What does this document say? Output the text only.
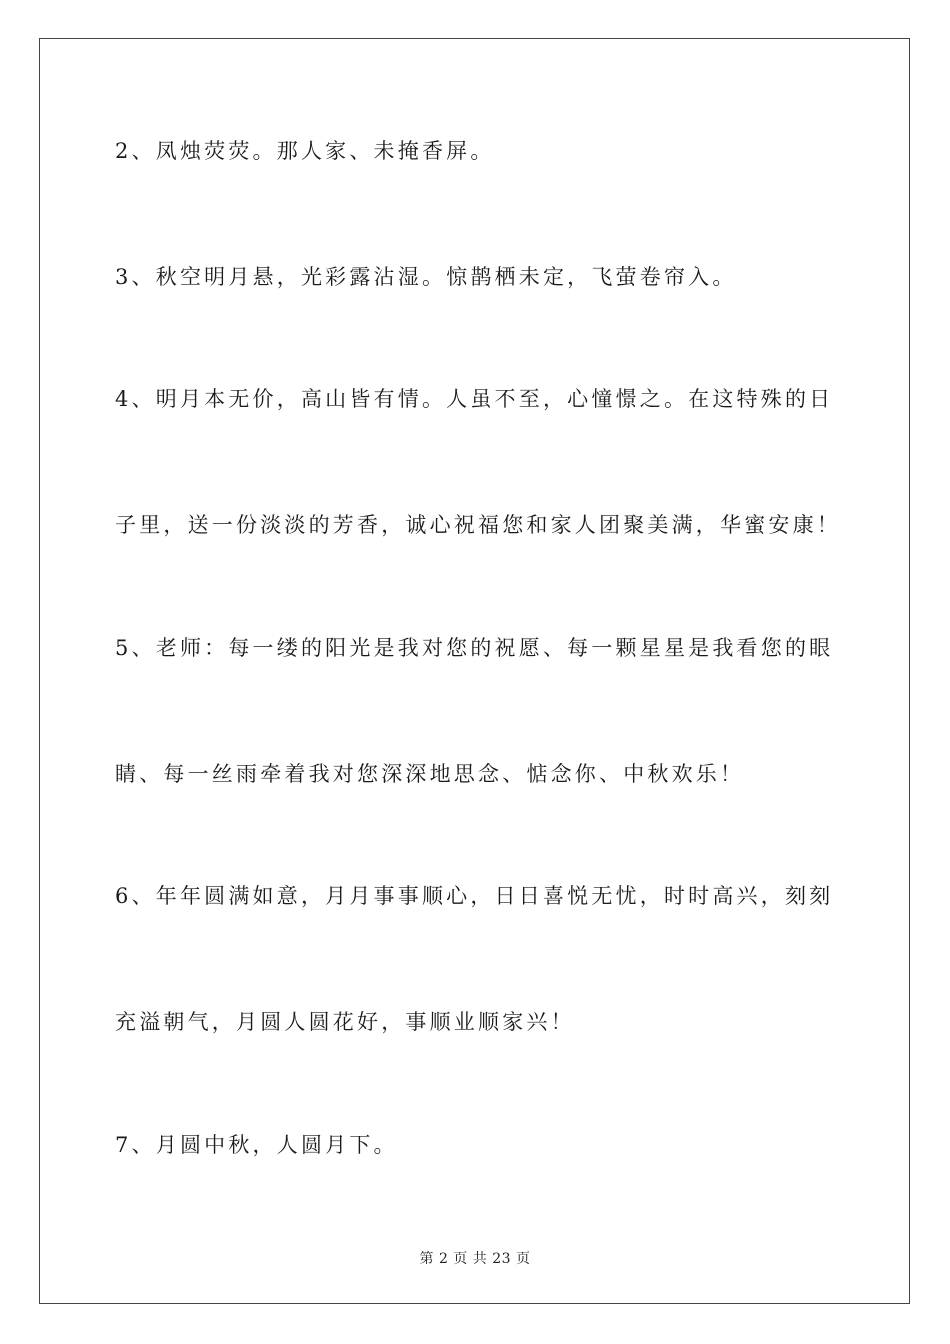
2、凤烛荧荧。那人家、未掩香屏。
3、秋空明月悬，光彩露沾湿。惊鹊栖未定，飞萤卷帘入。
4、明月本无价，高山皆有情。人虽不至，心憧憬之。在这特殊的日
子里，送一份淡淡的芳香，诚心祝福您和家人团聚美满，华蜜安康！
5、老师：每一缕的阳光是我对您的祝愿、每一颗星星是我看您的眼
睛、每一丝雨牵着我对您深深地思念、惦念你、中秋欢乐！
6、年年圆满如意，月月事事顺心，日日喜悦无忧，时时高兴，刻刻
充溢朝气，月圆人圆花好，事顺业顺家兴！
7、月圆中秋，人圆月下。
第 2 页 共 23 页
